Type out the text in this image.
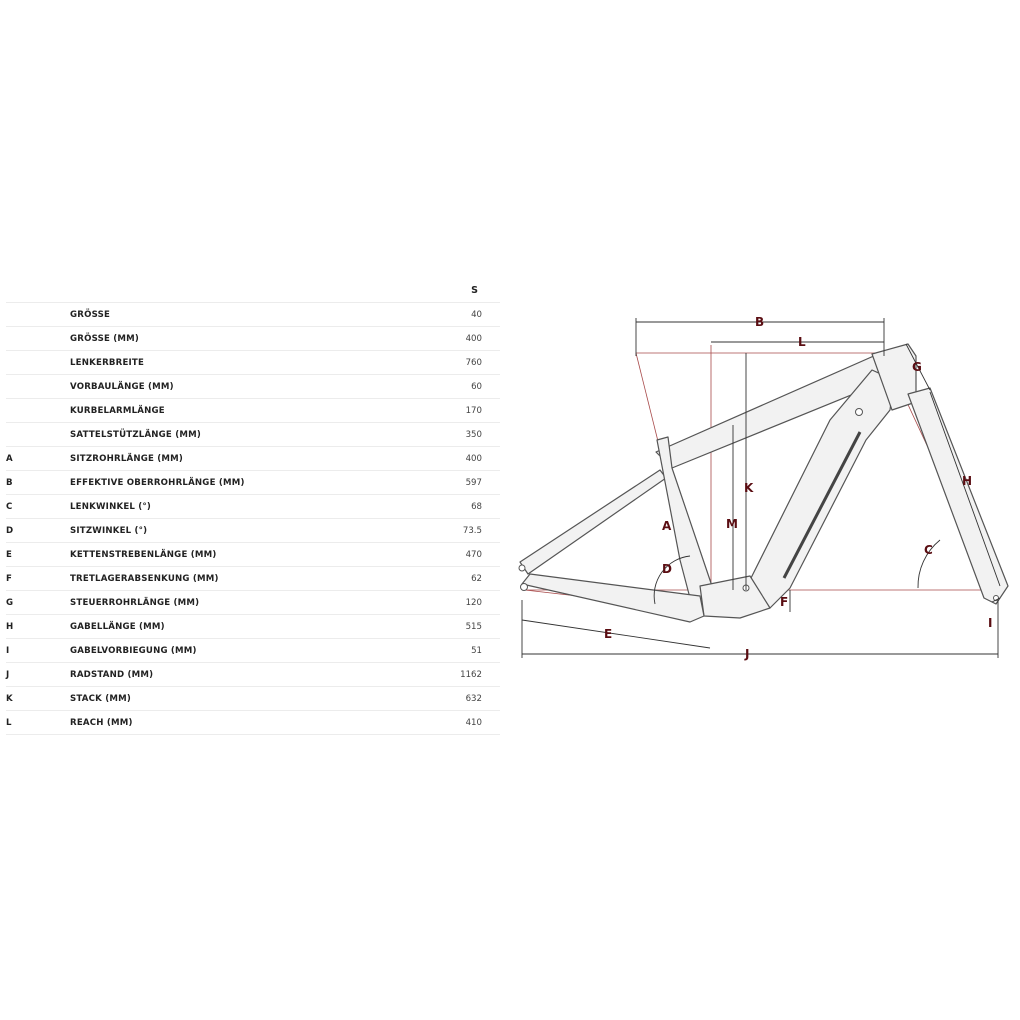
S
GRÖSSE	40
GRÖSSE (MM)	400
LENKERBREITE	760
VORBAULÄNGE (MM)	60
KURBELARMLÄNGE	170
SATTELSTÜTZLÄNGE (MM)	350
A	SITZROHRLÄNGE (MM)	400
B	EFFEKTIVE OBERROHRLÄNGE (MM)	597
C	LENKWINKEL (°)	68
D	SITZWINKEL (°)	73.5
E	KETTENSTREBENLÄNGE (MM)	470
F	TRETLAGERABSENKUNG (MM)	62
G	STEUERROHRLÄNGE (MM)	120
H	GABELLÄNGE (MM)	515
I	GABELVORBIEGUNG (MM)	51
J	RADSTAND (MM)	1162
K	STACK (MM)	632
L	REACH (MM)	410
B
L
G
H
K
M
A
C
D
F
E
I
J
